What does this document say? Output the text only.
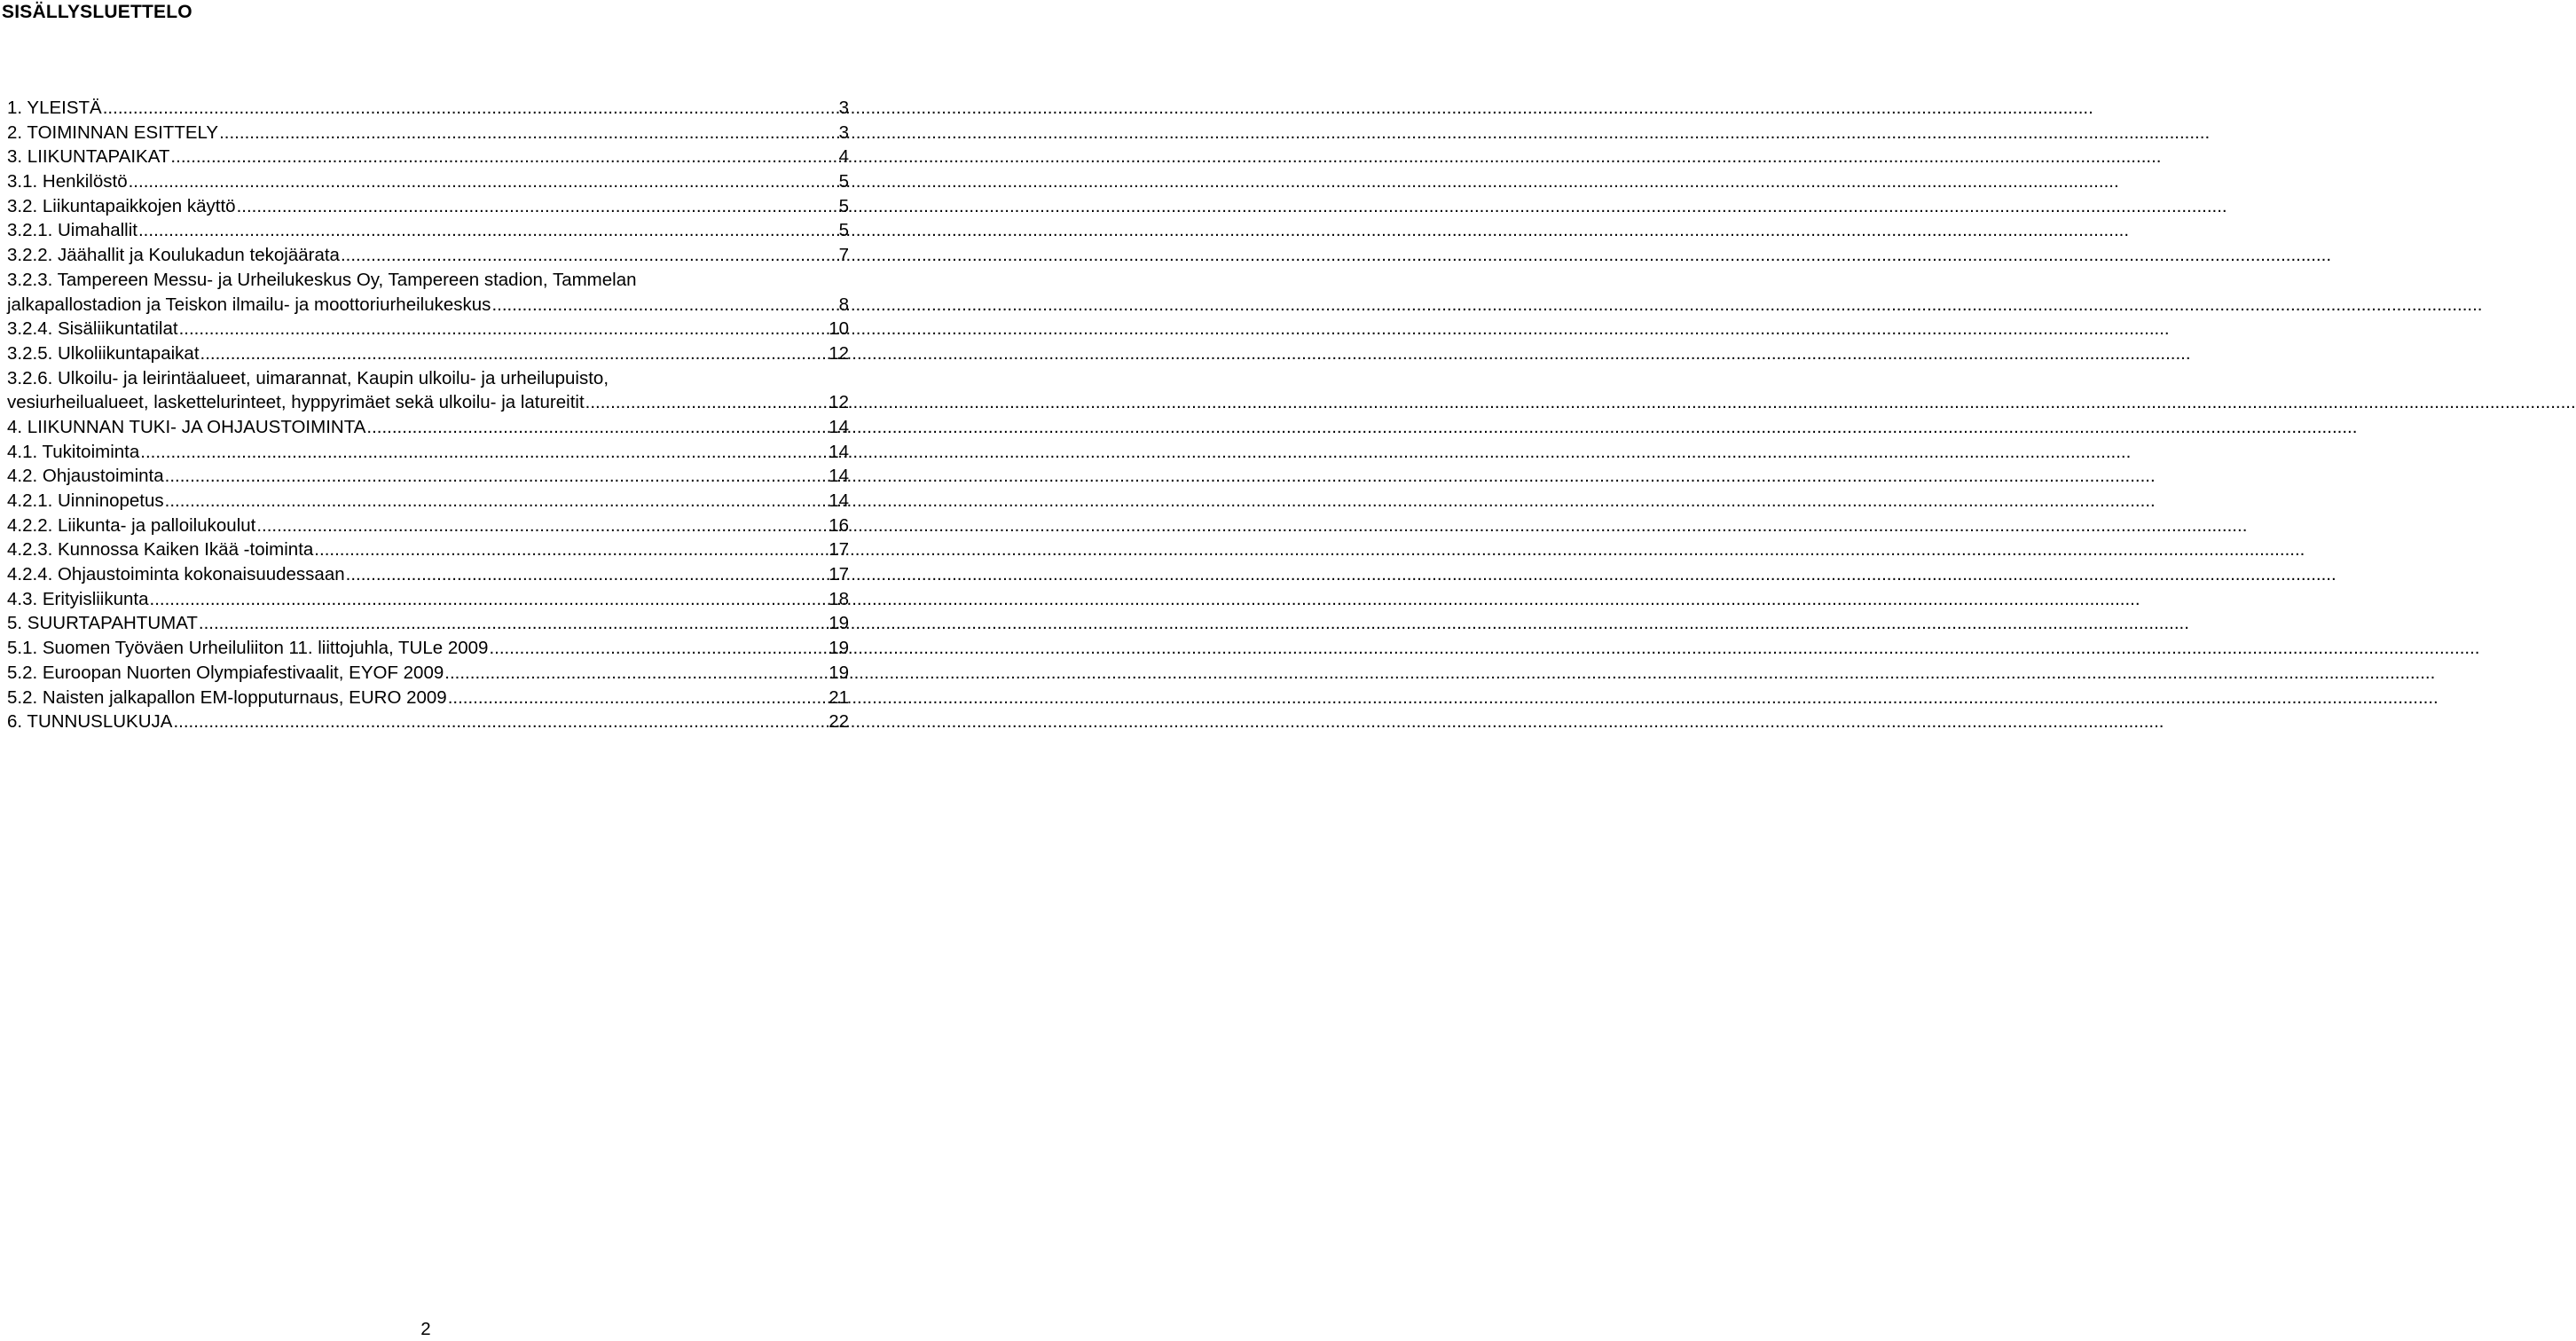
SISÄLLYSLUETTELO
1. YLEISTÄ .....	3
2. TOIMINNAN ESITTELY .....	3
3. LIIKUNTAPAIKAT .....	4
3.1. Henkilöstö .....	5
3.2. Liikuntapaikkojen käyttö .....	5
3.2.1. Uimahallit .....	5
3.2.2. Jäähallit ja Koulukadun tekojäärata .....	7
3.2.3. Tampereen Messu- ja Urheilukeskus Oy, Tampereen stadion, Tammelan
jalkapallostadion ja Teiskon ilmailu- ja moottoriurheilukeskus .....	8
3.2.4. Sisäliikuntatilat .....	10
3.2.5. Ulkoliikuntapaikat .....	12
3.2.6. Ulkoilu- ja leirintäalueet, uimarannat, Kaupin ulkoilu- ja urheilupuisto,
vesiurheilualueet, laskettelurinteet, hyppyrimäet sekä ulkoilu- ja latureitit .....	12
4. LIIKUNNAN TUKI- JA OHJAUSTOIMINTA .....	14
4.1. Tukitoiminta .....	14
4.2. Ohjaustoiminta .....	14
4.2.1. Uinninopetus .....	14
4.2.2. Liikunta- ja palloilukoulut .....	16
4.2.3. Kunnossa Kaiken Ikää -toiminta .....	17
4.2.4. Ohjaustoiminta kokonaisuudessaan .....	17
4.3. Erityisliikunta .....	18
5. SUURTAPAHTUMAT .....	19
5.1. Suomen Työväen Urheiluliiton 11. liittojuhla, TULe 2009 .....	19
5.2. Euroopan Nuorten Olympiafestivaalit, EYOF 2009 .....	19
5.2. Naisten jalkapallon EM-lopputurnaus, EURO 2009 .....	21
6. TUNNUSLUKUJA .....	22
2
